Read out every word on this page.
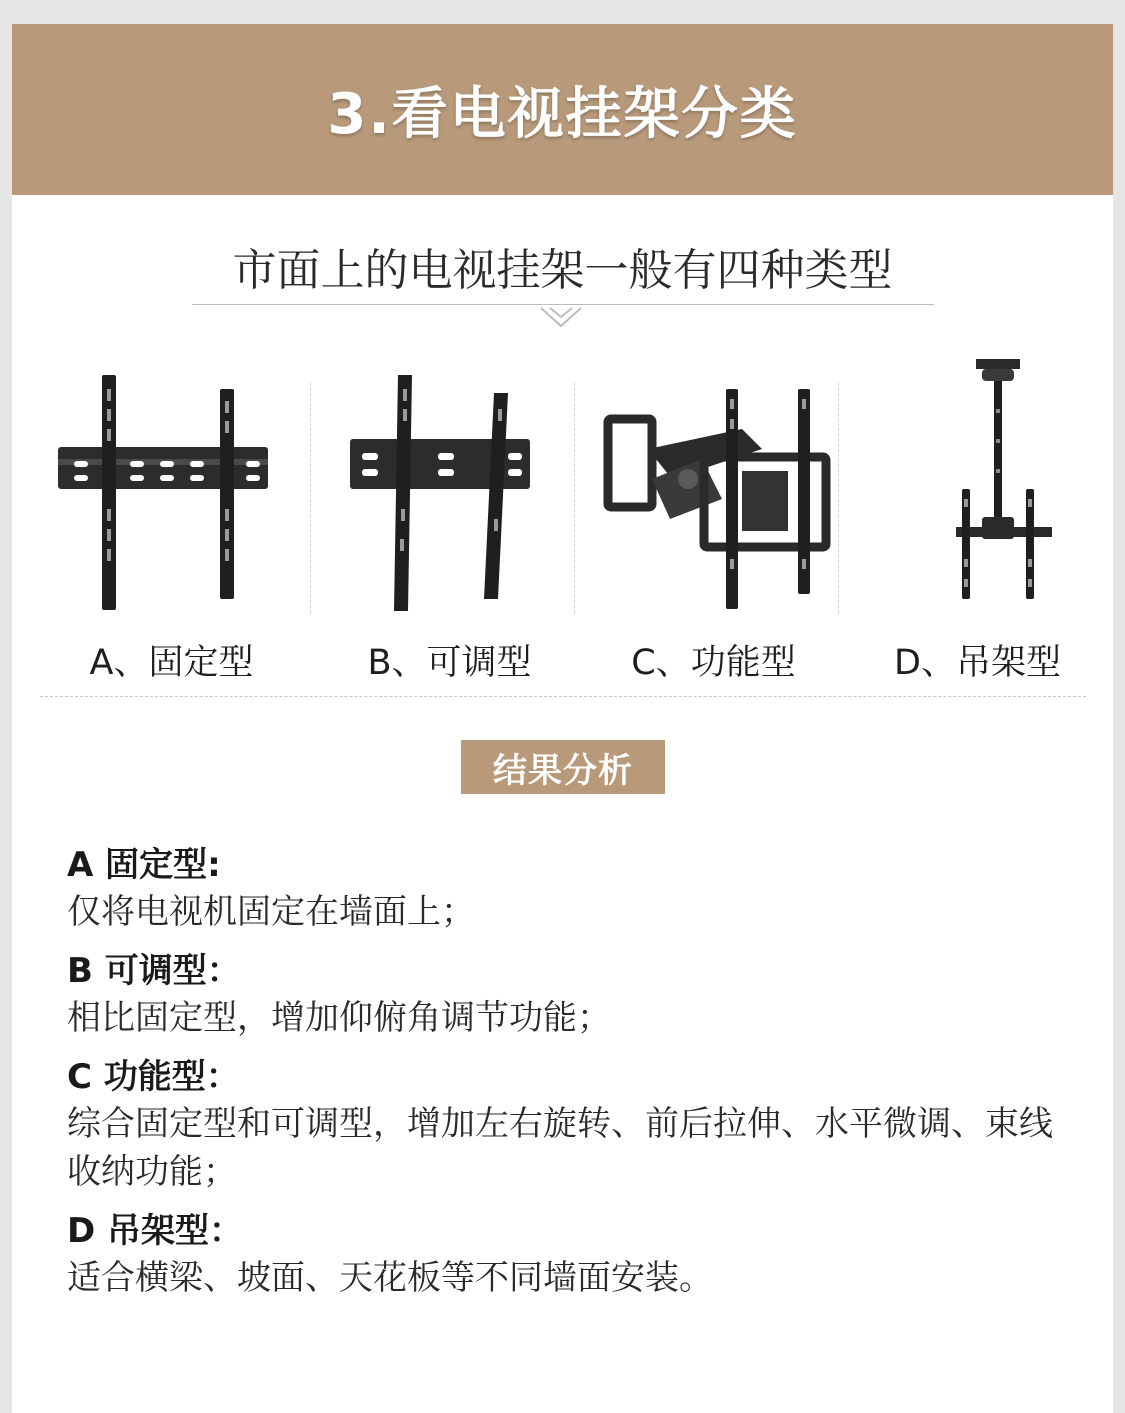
3.看电视挂架分类
市面上的电视挂架一般有四种类型
A、固定型	B、可调型	C、功能型	D、吊架型
结果分析
A 固定型:
仅将电视机固定在墙面上；
B 可调型：
相比固定型，增加仰俯角调节功能；
C 功能型：
综合固定型和可调型，增加左右旋转、前后拉伸、水平微调、束线收纳功能；
D 吊架型：
适合横梁、坡面、天花板等不同墙面安装。
